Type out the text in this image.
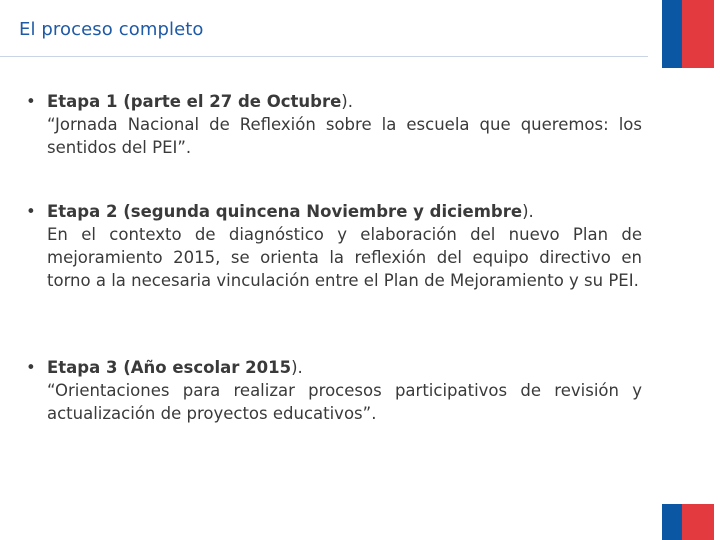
El proceso completo
• Etapa 1 (parte el 27 de Octubre).
“Jornada Nacional de Reflexión sobre la escuela que queremos: los sentidos del PEI”.
• Etapa 2 (segunda quincena Noviembre y diciembre).
En el contexto de diagnóstico y elaboración del nuevo Plan de mejoramiento 2015, se orienta la reflexión del equipo directivo en torno a la necesaria vinculación entre el Plan de Mejoramiento y su PEI.
• Etapa 3 (Año escolar 2015).
“Orientaciones para realizar procesos participativos de revisión y actualización de proyectos educativos”.
